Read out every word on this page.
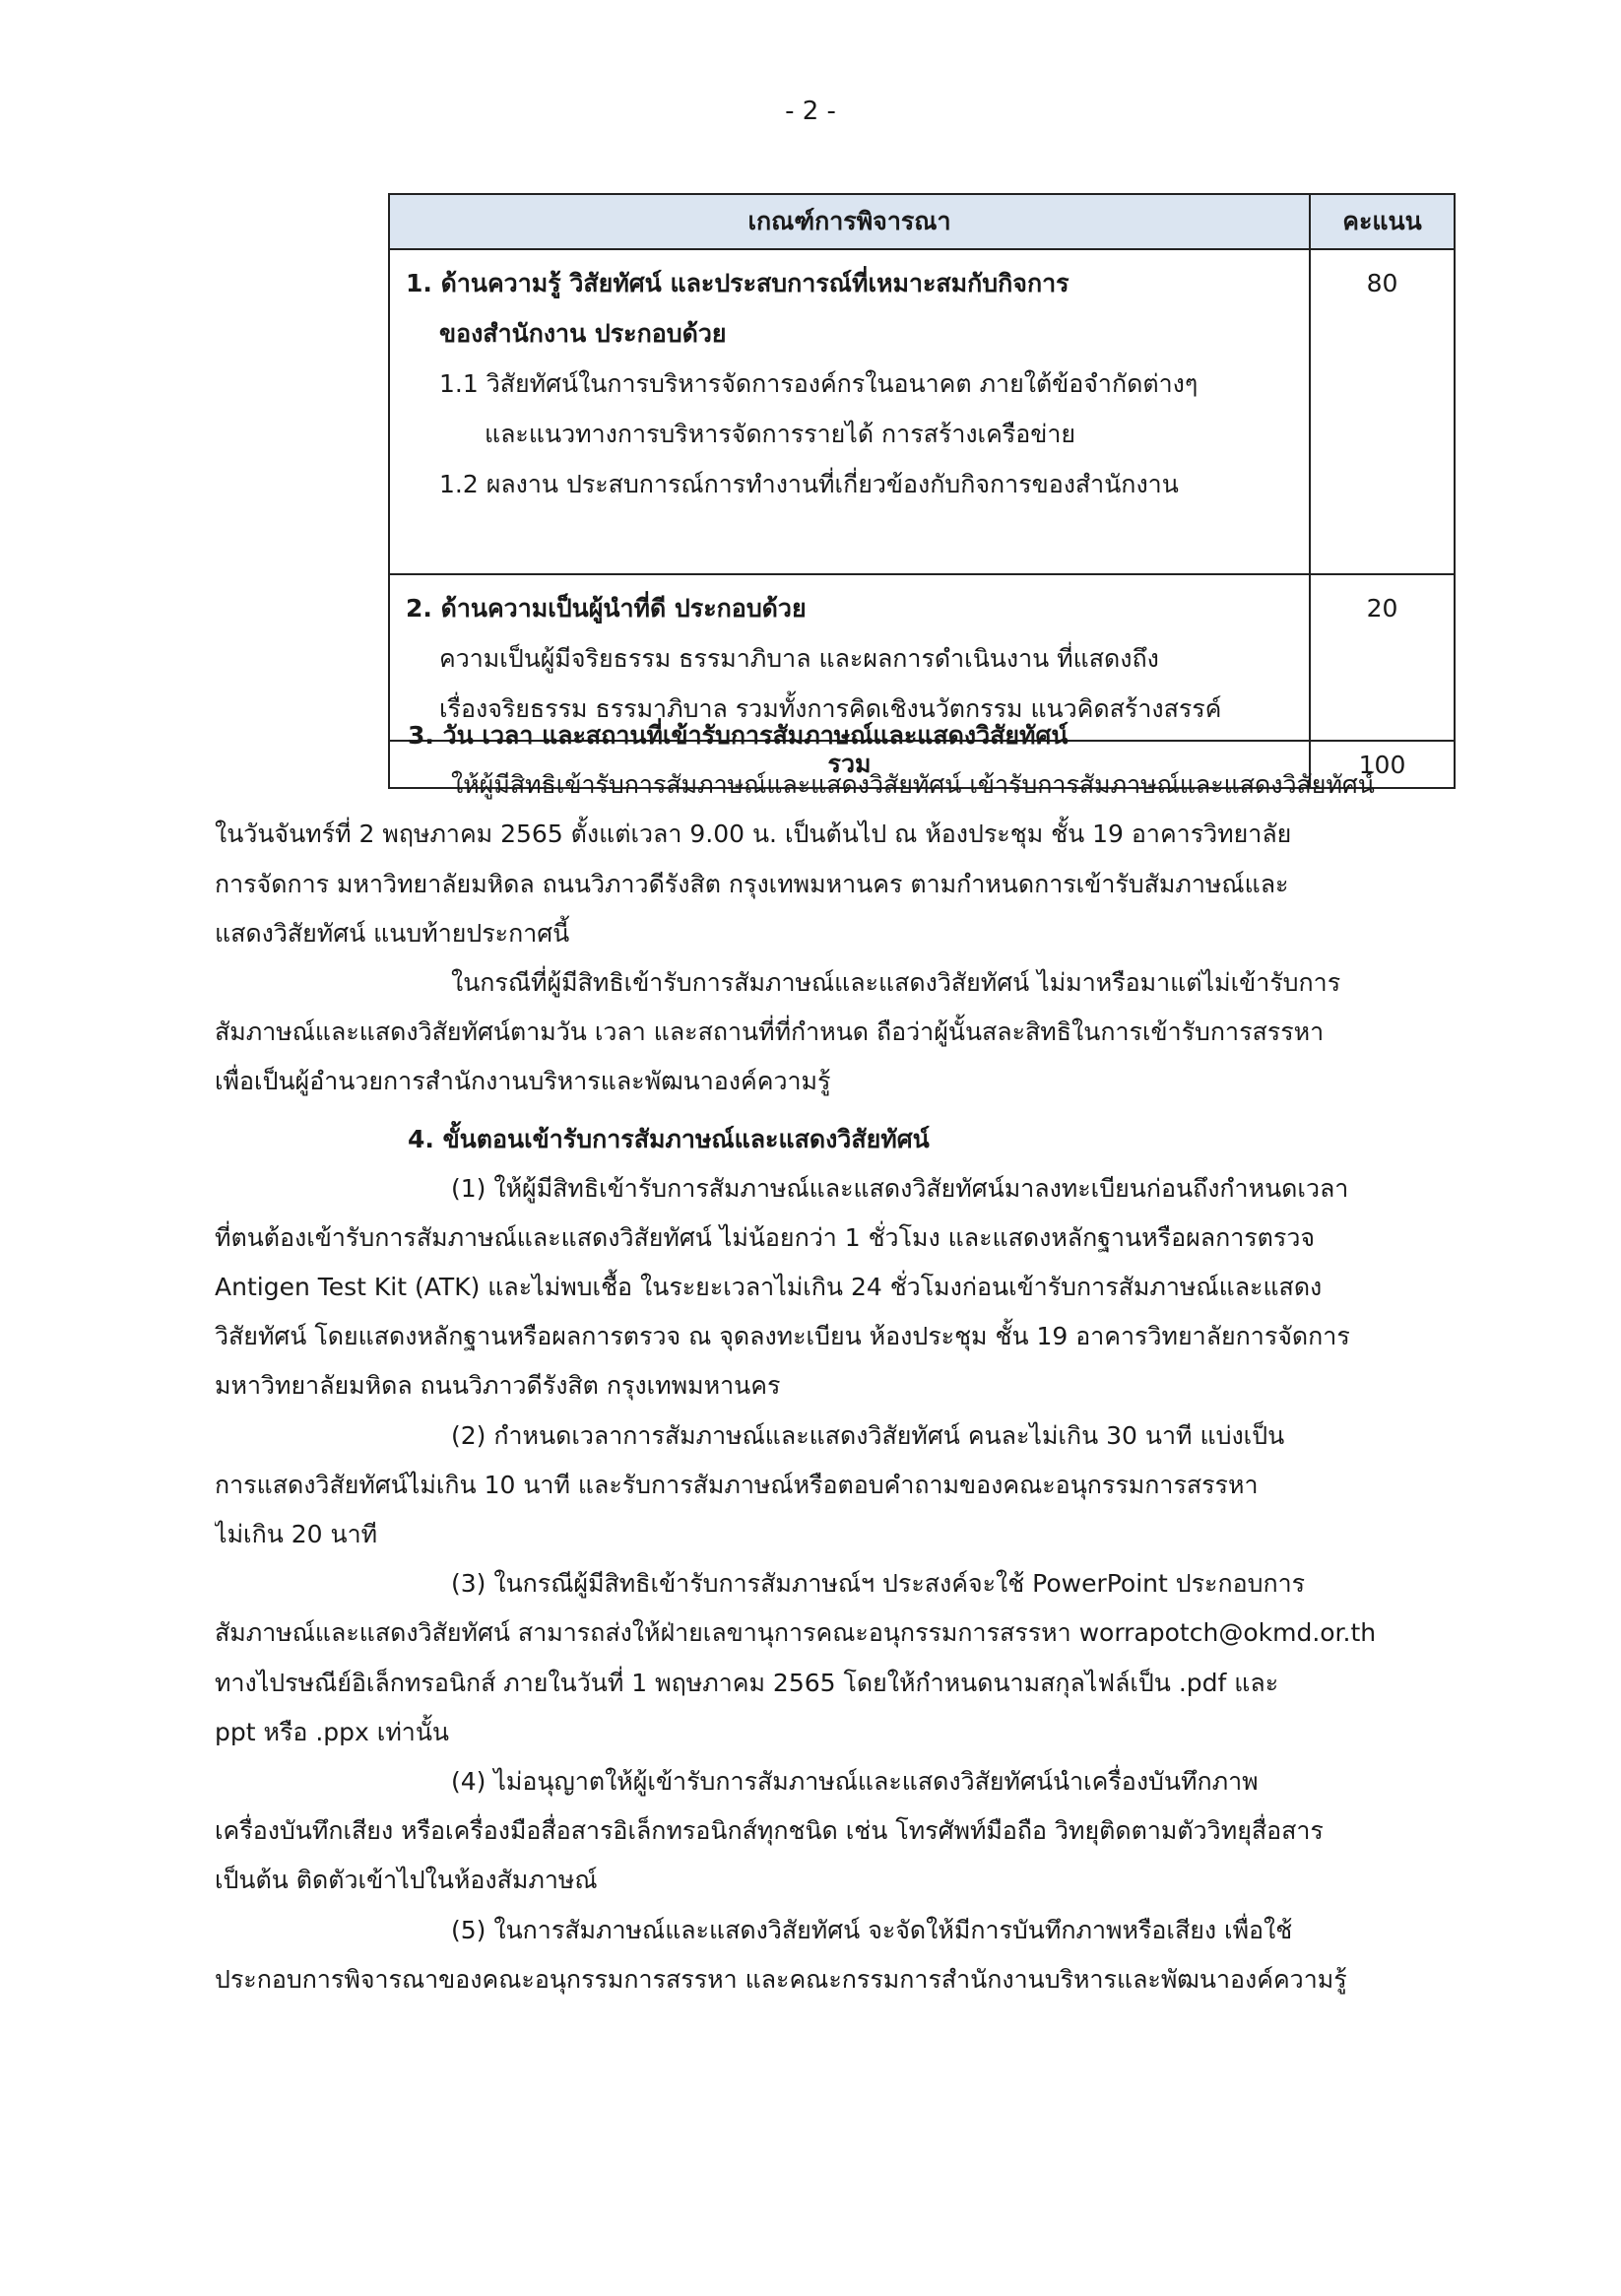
- 2 -
เกณฑ์การพิจารณา	คะแนน

1. ด้านความรู้ วิสัยทัศน์ และประสบการณ์ที่เหมาะสมกับกิจการ
ของสำนักงาน ประกอบด้วย
1.1 วิสัยทัศน์ในการบริหารจัดการองค์กรในอนาคต ภายใต้ข้อจำกัดต่างๆ
และแนวทางการบริหารจัดการรายได้ การสร้างเครือข่าย
1.2 ผลงาน ประสบการณ์การทำงานที่เกี่ยวข้องกับกิจการของสำนักงาน	80

2. ด้านความเป็นผู้นำที่ดี ประกอบด้วย
ความเป็นผู้มีจริยธรรม ธรรมาภิบาล และผลการดำเนินงาน ที่แสดงถึง
เรื่องจริยธรรม ธรรมาภิบาล รวมทั้งการคิดเชิงนวัตกรรม แนวคิดสร้างสรรค์	20
รวม	100
3. วัน เวลา และสถานที่เข้ารับการสัมภาษณ์และแสดงวิสัยทัศน์
ให้ผู้มีสิทธิเข้ารับการสัมภาษณ์และแสดงวิสัยทัศน์ เข้ารับการสัมภาษณ์และแสดงวิสัยทัศน์
ในวันจันทร์ที่ 2 พฤษภาคม 2565 ตั้งแต่เวลา 9.00 น. เป็นต้นไป ณ ห้องประชุม ชั้น 19 อาคารวิทยาลัย
การจัดการ มหาวิทยาลัยมหิดล ถนนวิภาวดีรังสิต กรุงเทพมหานคร ตามกำหนดการเข้ารับสัมภาษณ์และ
แสดงวิสัยทัศน์ แนบท้ายประกาศนี้
ในกรณีที่ผู้มีสิทธิเข้ารับการสัมภาษณ์และแสดงวิสัยทัศน์ ไม่มาหรือมาแต่ไม่เข้ารับการ
สัมภาษณ์และแสดงวิสัยทัศน์ตามวัน เวลา และสถานที่ที่กำหนด ถือว่าผู้นั้นสละสิทธิในการเข้ารับการสรรหา
เพื่อเป็นผู้อำนวยการสำนักงานบริหารและพัฒนาองค์ความรู้
4. ขั้นตอนเข้ารับการสัมภาษณ์และแสดงวิสัยทัศน์
(1) ให้ผู้มีสิทธิเข้ารับการสัมภาษณ์และแสดงวิสัยทัศน์มาลงทะเบียนก่อนถึงกำหนดเวลา
ที่ตนต้องเข้ารับการสัมภาษณ์และแสดงวิสัยทัศน์ ไม่น้อยกว่า 1 ชั่วโมง และแสดงหลักฐานหรือผลการตรวจ
Antigen Test Kit (ATK) และไม่พบเชื้อ ในระยะเวลาไม่เกิน 24 ชั่วโมงก่อนเข้ารับการสัมภาษณ์และแสดง
วิสัยทัศน์ โดยแสดงหลักฐานหรือผลการตรวจ ณ จุดลงทะเบียน ห้องประชุม ชั้น 19 อาคารวิทยาลัยการจัดการ
มหาวิทยาลัยมหิดล ถนนวิภาวดีรังสิต กรุงเทพมหานคร
(2) กำหนดเวลาการสัมภาษณ์และแสดงวิสัยทัศน์ คนละไม่เกิน 30 นาที แบ่งเป็น
การแสดงวิสัยทัศน์ไม่เกิน 10 นาที และรับการสัมภาษณ์หรือตอบคำถามของคณะอนุกรรมการสรรหา
ไม่เกิน 20 นาที
(3) ในกรณีผู้มีสิทธิเข้ารับการสัมภาษณ์ฯ ประสงค์จะใช้ PowerPoint ประกอบการ
สัมภาษณ์และแสดงวิสัยทัศน์ สามารถส่งให้ฝ่ายเลขานุการคณะอนุกรรมการสรรหา worrapotch@okmd.or.th
ทางไปรษณีย์อิเล็กทรอนิกส์ ภายในวันที่ 1 พฤษภาคม 2565 โดยให้กำหนดนามสกุลไฟล์เป็น .pdf และ
ppt หรือ .ppx เท่านั้น
(4) ไม่อนุญาตให้ผู้เข้ารับการสัมภาษณ์และแสดงวิสัยทัศน์นำเครื่องบันทึกภาพ
เครื่องบันทึกเสียง หรือเครื่องมือสื่อสารอิเล็กทรอนิกส์ทุกชนิด เช่น โทรศัพท์มือถือ วิทยุติดตามตัววิทยุสื่อสาร
เป็นต้น ติดตัวเข้าไปในห้องสัมภาษณ์
(5) ในการสัมภาษณ์และแสดงวิสัยทัศน์ จะจัดให้มีการบันทึกภาพหรือเสียง เพื่อใช้
ประกอบการพิจารณาของคณะอนุกรรมการสรรหา และคณะกรรมการสำนักงานบริหารและพัฒนาองค์ความรู้
